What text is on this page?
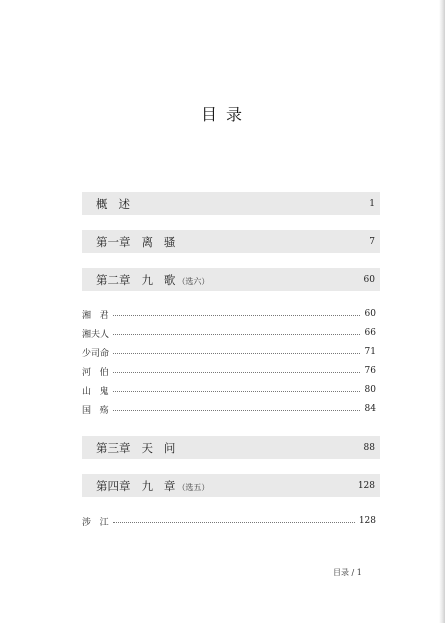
目 录
概   述	1
第一章   离   骚	7
第二章   九   歌 （选六）	60
湘   君	60
湘夫人	66
少司命	71
河   伯	76
山   鬼	80
国   殇	84
第三章   天   问	88
第四章   九   章 （选五）	128
涉   江	128
目录 / 1
